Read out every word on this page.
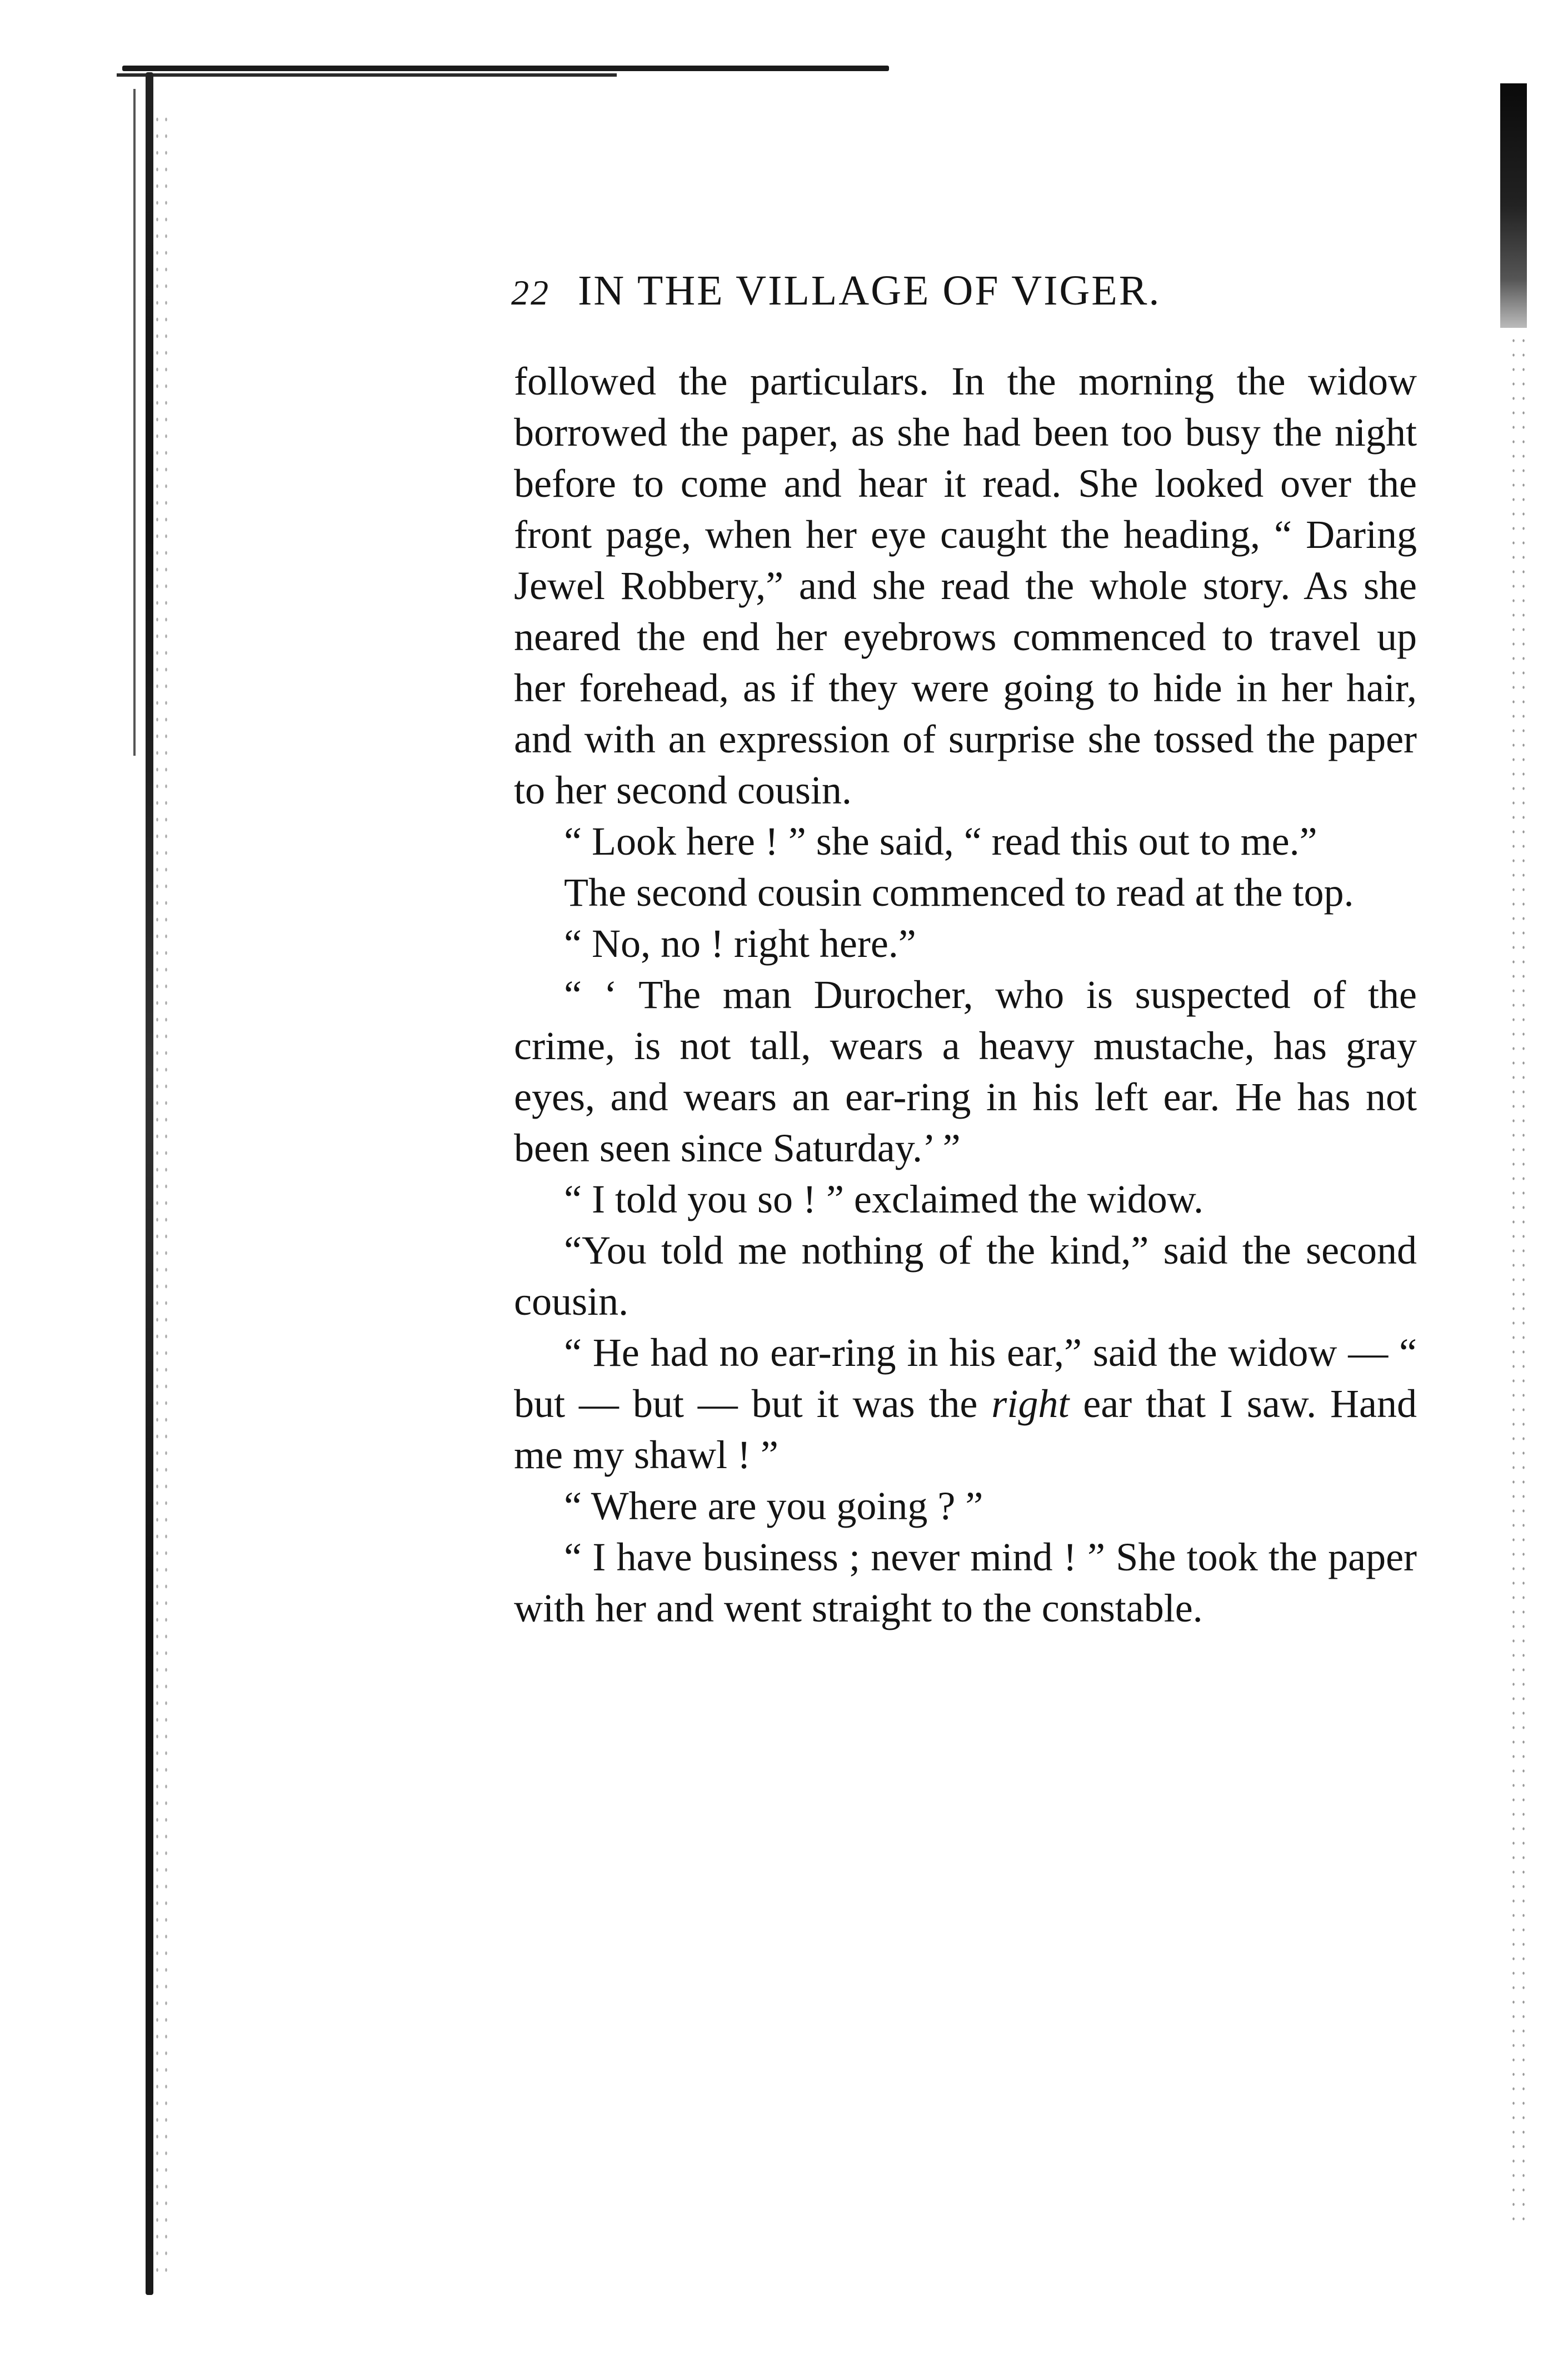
22 IN THE VILLAGE OF VIGER.

followed the particulars. In the morning the widow borrowed the paper, as she had been too busy the night before to come and hear it read. She looked over the front page, when her eye caught the heading, “ Daring Jewel Robbery,” and she read the whole story. As she neared the end her eyebrows commenced to travel up her forehead, as if they were going to hide in her hair, and with an expression of surprise she tossed the paper to her second cousin.

“ Look here ! ” she said, “ read this out to me.”

The second cousin commenced to read at the top.

“ No, no ! right here.”

“ ‘ The man Durocher, who is suspected of the crime, is not tall, wears a heavy mustache, has gray eyes, and wears an ear-ring in his left ear. He has not been seen since Saturday.’ ”

“ I told you so ! ” exclaimed the widow.

“You told me nothing of the kind,” said the second cousin.

“ He had no ear-ring in his ear,” said the widow — “ but — but — but it was the right ear that I saw. Hand me my shawl ! ”

“ Where are you going ? ”

“ I have business ; never mind ! ” She took the paper with her and went straight to the constable.
